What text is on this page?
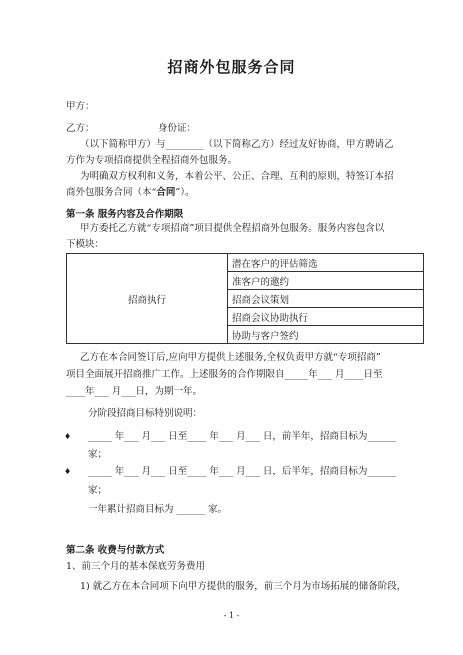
招商外包服务合同
甲方：
乙方：	身份证：
（以下简称甲方）与________（以下简称乙方）经过友好协商，甲方聘请乙
方作为专项招商提供全程招商外包服务。
为明确双方权利和义务，本着公平、公正、合理、互利的原则，特签订本招
商外包服务合同（本“合同”）。
第一条 服务内容及合作期限
甲方委托乙方就“专项招商”项目提供全程招商外包服务。服务内容包含以
下模块：
招商执行	潜在客户的评估筛选
准客户的邀约
招商会议策划
招商会议协助执行
协助与客户签约
乙方在本合同签订后,应向甲方提供上述服务,全权负责甲方就“专项招商”
项目全面展开招商推广工作。上述服务的合作期限自_____年___ 月____日至
____年___ 月___日，为期一年。
分阶段招商目标特别说明：
♦ _____ 年___ 月___ 日至____ 年___ 月___ 日，前半年，招商目标为______
家；
♦ _____ 年___ 月___ 日至____ 年___ 月___ 日，后半年，招商目标为______
家；
一年累计招商目标为 ______ 家。
第二条 收费与付款方式
1、前三个月的基本保底劳务费用
1) 就乙方在本合同项下向甲方提供的服务，前三个月为市场拓展的储备阶段，
- 1 -
